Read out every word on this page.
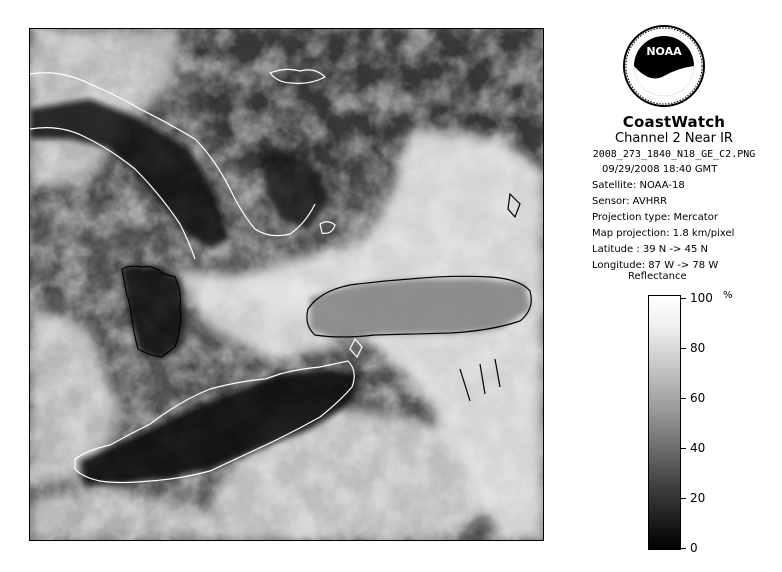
NOAA
CoastWatch
Channel 2 Near IR
2008_273_1840_N18_GE_C2.PNG
09/29/2008 18:40 GMT
Satellite: NOAA-18
Sensor: AVHRR
Projection type: Mercator
Map projection: 1.8 km/pixel
Latitude : 39 N -> 45 N
Longitude: 87 W -> 78 W
Reflectance
%
100
80
60
40
20
0
